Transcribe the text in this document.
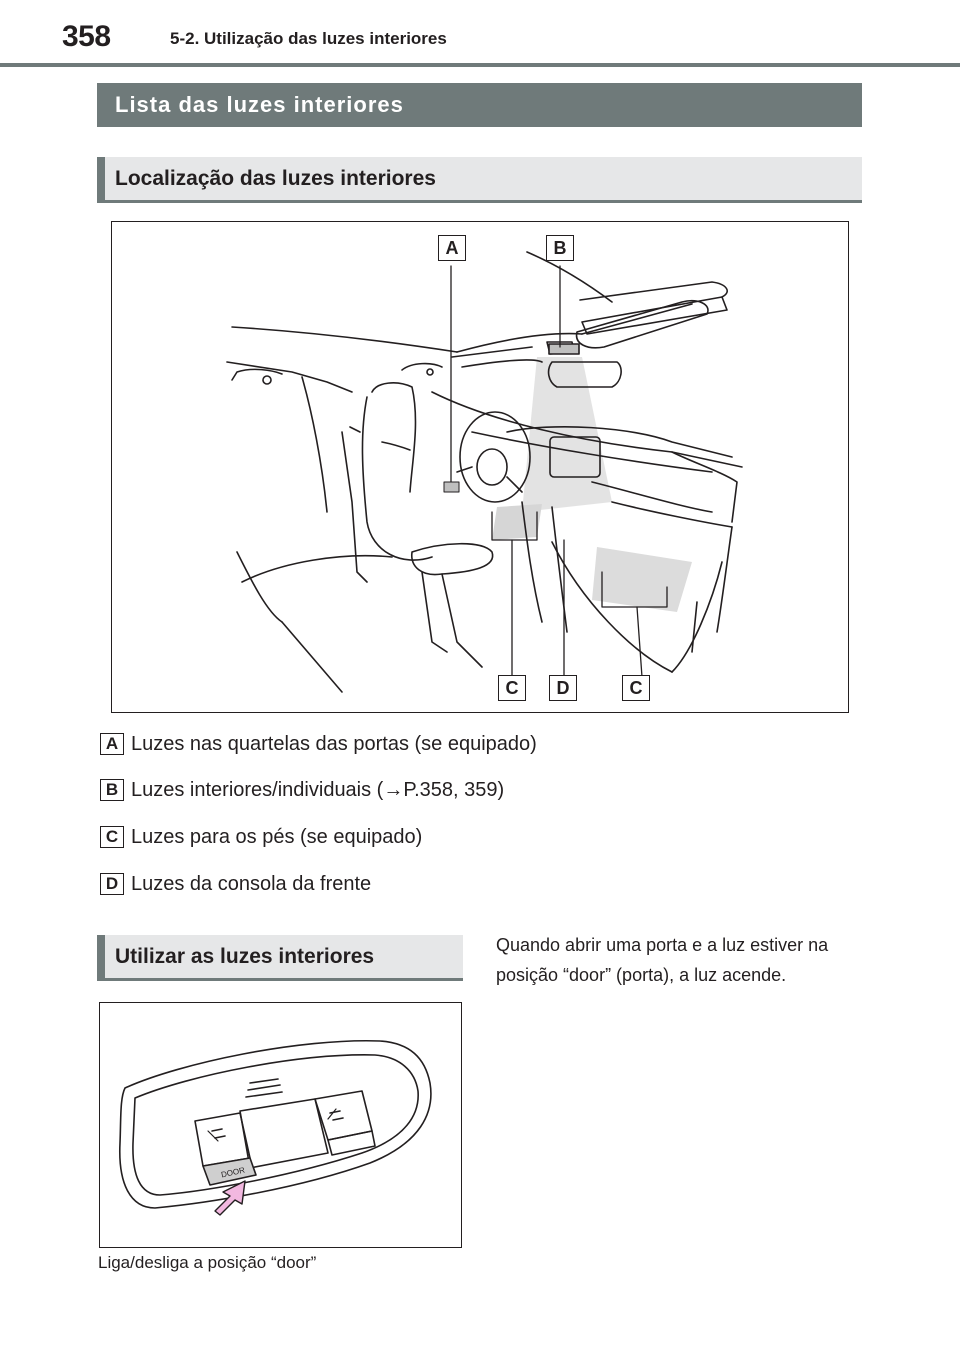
358	5-2. Utilização das luzes interiores
Lista das luzes interiores
Localização das luzes interiores
A	B
C	D	C
A Luzes nas quartelas das portas (se equipado)
B Luzes interiores/individuais (→P.358, 359)
C Luzes para os pés (se equipado)
D Luzes da consola da frente
Utilizar as luzes interiores	Quando abrir uma porta e a luz estiver na posição “door” (porta), a luz acende.
DOOR
Liga/desliga a posição “door”
